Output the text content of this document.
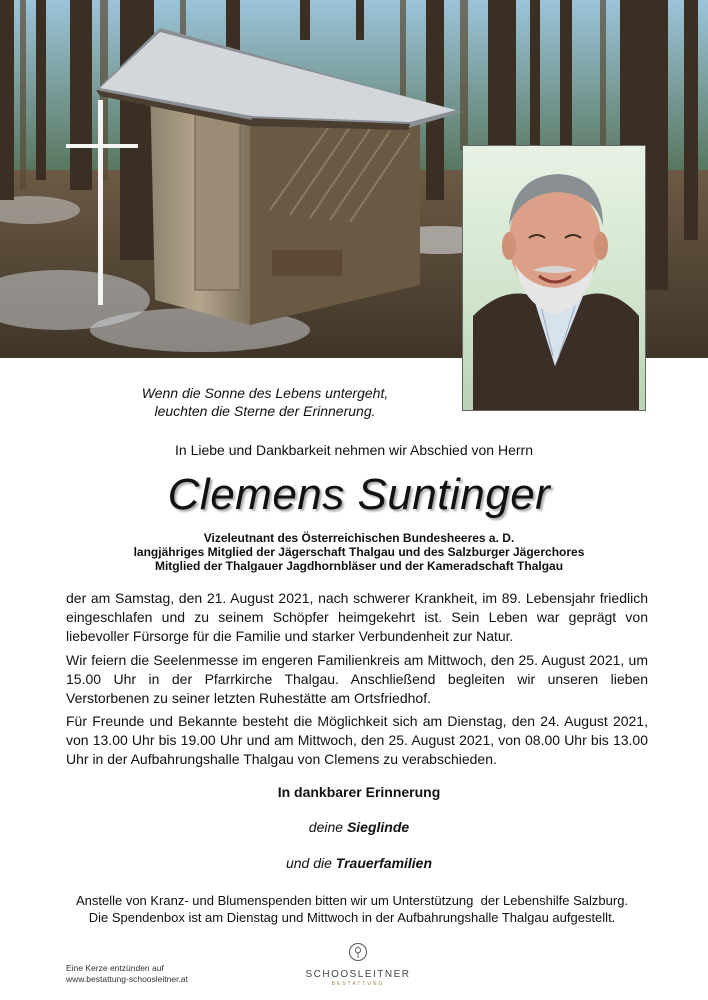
Wenn die Sonne des Lebens untergeht,
leuchten die Sterne der Erinnerung.
In Liebe und Dankbarkeit nehmen wir Abschied von Herrn
Clemens Suntinger
Vizeleutnant des Österreichischen Bundesheeres a. D.
langjähriges Mitglied der Jägerschaft Thalgau und des Salzburger Jägerchores
Mitglied der Thalgauer Jagdhornbläser und der Kameradschaft Thalgau
der am Samstag, den 21. August 2021, nach schwerer Krankheit, im 89. Lebensjahr friedlich eingeschlafen und zu seinem Schöpfer heimgekehrt ist. Sein Leben war geprägt von liebevoller Fürsorge für die Familie und starker Verbundenheit zur Natur.
Wir feiern die Seelenmesse im engeren Familienkreis am Mittwoch, den 25. August 2021, um 15.00 Uhr in der Pfarrkirche Thalgau. Anschließend begleiten wir unseren lieben Verstorbenen zu seiner letzten Ruhestätte am Ortsfriedhof.
Für Freunde und Bekannte besteht die Möglichkeit sich am Dienstag, den 24. August 2021, von 13.00 Uhr bis 19.00 Uhr und am Mittwoch, den 25. August 2021, von 08.00 Uhr bis 13.00 Uhr in der Aufbahrungshalle Thalgau von Clemens zu verabschieden.
In dankbarer Erinnerung
deine Sieglinde
und die Trauerfamilien
Anstelle von Kranz- und Blumenspenden bitten wir um Unterstützung  der Lebenshilfe Salzburg.
Die Spendenbox ist am Dienstag und Mittwoch in der Aufbahrungshalle Thalgau aufgestellt.
Eine Kerze entzünden auf
www.bestattung-schoosleitner.at	SCHOOSLEITNER
BESTATTUNG
